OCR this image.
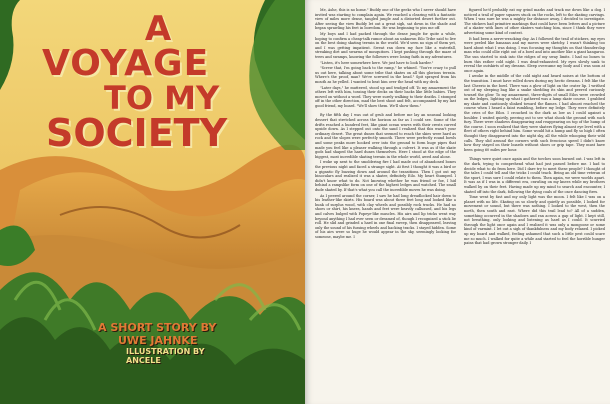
A
VOYAGE
TO MY
SOCIETY
A SHORT STORY BY
UWE JAHNKE
ILLUSTRATION BY
ANCELE

Me, Ashe, this is no home." Buddy one of the geeks who I never should have invited was starting to complain again. We reached a clearing with a fantastic view of miles more dense, tangled jungle and a distorted desert further out. After seeing the view Buddy let out a great sigh, sat down in the shade and began sprawling his feet in boredom. He was beginning to piss me off.

My boys and I had packed through the dense jungle for quite a while, hoping to confirm a cheap-talk rumor about an unknown Eilo Tribe said to live on the best doing skating terrain in the world. We'd seen no sign of them yet, and I was getting impatient. Sweat ran down my face like a waterfall, streaking dirt and swarms of mosquitoes. I kept pushing through the maze of trees and swamps, knowing the followers were losing faith in my adventures.

"Listen, it's here somewhere here. We just have to look harder."

"Screw that, I'm going back to the ramp," he whined. "You're crazy to pull us out here, talking about some tribe that skates on all this glorious terrain. Where's the proof, man? We're screwed in the head." Spit sprayed from his mouth as he yelled. I wanted to beat him over the head with my deck.

"Later days," he muttered, stood up and trudged off. To my amazement the others left with him, tossing their decks on their backs like little babies. They moved on without a word. They were surely walking to their deaths. I stomped off in the other direction, mad the best shoot and felt, accompanied by my last good friend, my board. "We'll show them. We'll show them."

By the fifth day I was out of grub and before me lay an unusual looking dessert that stretched across the horizon as far as I could see. Some of the drifts reached a hundred feet, like giant ocean waves with their crests curved upside down. As I stepped out onto the sand I realized that this wasn't your ordinary desert. The great dunes that seemed to reach the skies were hard as rock and the slopes were perfectly smooth. There were perfectly round bowls and some peaks more hooked over into the ground to form huge pipes that made you feel like a pleaser walking through a culvert. It was as if the skate gods had shaped the hard dunes themselves. Here I stood at the edge of the biggest, most incredible skating terrain in the whole world, awed and alone.

I woke up next to the smoldering fire I had made out of abandoned bones the previous night and faced a strange sight. At first I thought it was a bird or a gigantic fly buzzing down and around the transitions. Then I got out my binoculars and realized it was a skater, definitely Eilo. My heart thumped. I didn't know what to do. Not knowing whether he was friend or foe, I hid behind a rampslike form on one of the highest ledges and watched. The small dude skated by. If that's what you call the incredible moves he was doing.

As I peered around the corner, I saw he had long dreadlocked hair down to his leather-like skirts. His board was about three feet long and looked like a hunk of surplus wood, with clay wheels and possibly rock trucks. He had no shoes or shirt, his knees, hands and feet were heavily callussed, and his legs and calves bulged with Popeye-like muscles. His airs and lip tricks went way beyond anything I had ever seen or dreamed of, though I recognized a stick lie roll. He slid and grinded a hard in one final sweep, then disappeared, leaving only the sound of his fussing wheels and hacking tracks. I stayed hidden. Some of his airs were so huge he would appear in the sky, seemingly looking for someone, maybe me. I

figured he'd probably eat my grind marks and track me down like a dog. I noticed a trail of paper squares stuck on the rocks, left to the skating carvings. When I was sure he was a mighty far distance away, I decided to investigate. The stickers had primitive markings that could have been letters and a picture of a skater with lines of other skaters watching him, since I think they were advertising some kind of contest.

It had been a nerve-wracking day. As I followed the trail of stickers, my eyes were peeled like bananas and my moves were sketchy. I wasn't thinking too hard about what I was doing. I was focusing my thoughts on that thunderclap man who could ollie right out of a bowl and into another like a giant kangaroo. The sun started to sink into the ridges of my sway limits. I had no bones to burn this rather cold night. I was dead-exhausted. My eyes slowly sank to reveal the outskirts of my dreams. Sleep overcame my body and I was soon at once again.

I awoke in the middle of the cold night and heard noises at the bottom of the transition. I must have rolled down during my hectic dreams. I felt like the last Cheerio in the bowl. There was a glow of light on the crater lip. I writhed out of my sleeping bag like a snake shedding its skin and peered curiously toward the glow. To my amazement, three-digits of small Eilos were crowded on the ledges, lighting up what I gathered was a lamp skate course. I grabbed my skate and cautiously slinked toward the flames. I had almost reached the course when I heard a faint rumbling, before my ledge. They were definitely the cries of the Eilos. I crouched in the dark as low as I could against a boulder. I waited quietly, peering out to see what shook the ground with such fury. There were shadows disappearing and reappearing on top of the hump of the course. I soon realized that they were skaters flying almost eye level with a fleet of others right behind him. Some would hit a hump and fly so high I often thought they disappeared into the night sky, all the while whooping their wild calls. They slid around the corners with such ferocious speed I didn't know how they stayed on their boards without shoes or grip tape. They must have been going 60 miles per hour.

Things were quiet once again and the torches soon burned out. I was left in the dark, trying to comprehend what had just passed before me. I had to decide what to do from here. Did I dare try to meet these people? I thought of the tales I could tell and the tricks I could teach. Being an old time veteran of the sport, I was sure I could relate to them. Then again, we were worlds apart. It was as if I was in a different era, crawling on my knees while my brothers walked by on their feet. Having made up my mind to search and encounter, I skated off into the dark, following the dying coals of the once dancing fires.

Time went by fast and my only light was the moon. I felt like I was on a planet with no life. Skating on so slowly and quietly as possible, I looked for movement or sound, but there was nothing. I looked to the west, then the north, then south and east. Where did this trail lead to? All of a sudden, something occurred in the shadows and ran across a gap of light. I kept still, not breathing, only looking and listening as hard as I could. It scurried through the light once again and I realized it was only a mongoose or some kind of varmint. I let out a sigh of thankfulness and my body relaxed. I picked up my board and walked, feeling ashamed that such a little pest could scare me so much. I walked for quite a while and started to feel the horrible hunger pains that had grown stronger daily. I
